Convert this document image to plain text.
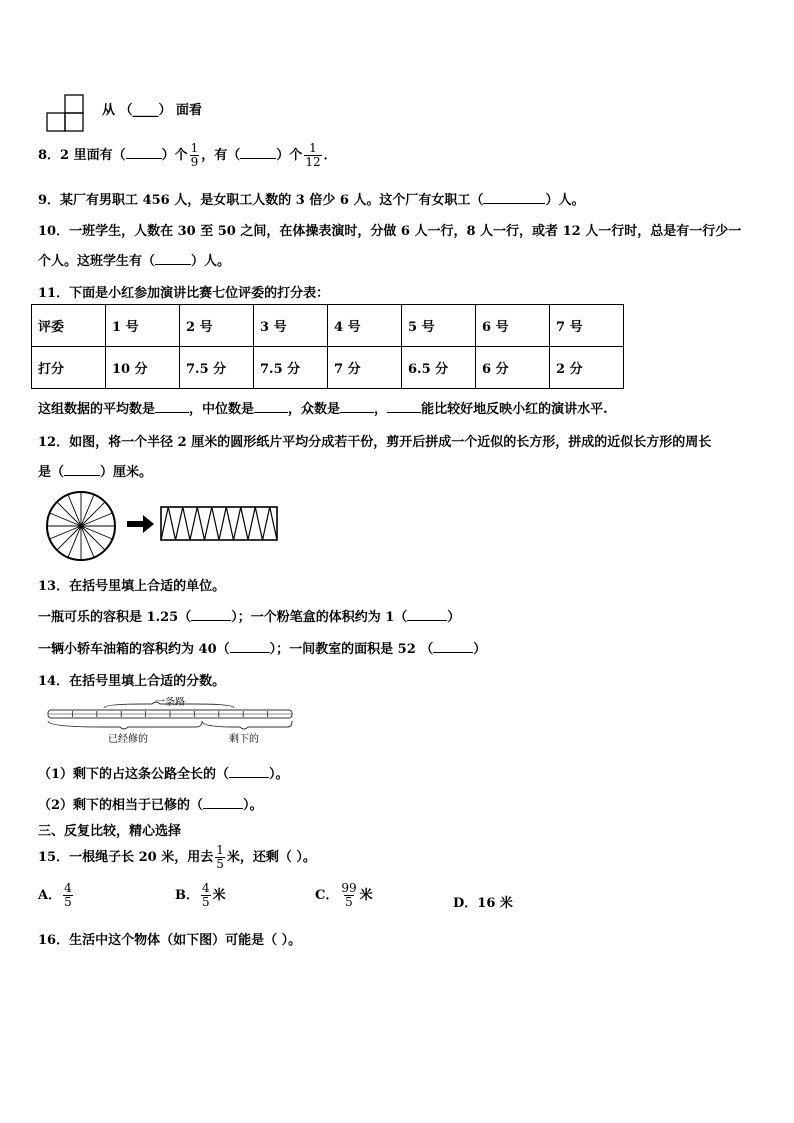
从 （____） 面看
8．2 里面有（	）个 $\frac{1}{9}$ ，有（	）个 $\frac{1}{12}$ ．
9．某厂有男职工 456 人，是女职工人数的 3 倍少 6 人。这个厂有女职工（	）人。
10．一班学生，人数在 30 至 50 之间，在体操表演时，分做 6 人一行，8 人一行，或者 12 人一行时，总是有一行少一
个人。这班学生有（	）人。
11．下面是小红参加演讲比赛七位评委的打分表：
评委	1 号	2 号	3 号	4 号	5 号	6 号	7 号
打分	10 分	7.5 分	7.5 分	7 分	6.5 分	6 分	2 分
这组数据的平均数是	，中位数是	，众数是	，	能比较好地反映小红的演讲水平.
12．如图，将一个半径 2 厘米的圆形纸片平均分成若干份，剪开后拼成一个近似的长方形，拼成的近似长方形的周长
是（	）厘米。
13．在括号里填上合适的单位。
一瓶可乐的容积是 1.25（	）；一个粉笔盒的体积约为 1（	）
一辆小轿车油箱的容积约为 40（	）；一间教室的面积是 52 （	）
14．在括号里填上合适的分数。
一条路
已经修的	剩下的
（1）剩下的占这条公路全长的（	）。
（2）剩下的相当于已修的（	）。
三、反复比较，精心选择
15．一根绳子长 20 米，用去 $\frac{1}{5}$ 米，还剩（ ）。
A． $\frac{4}{5}$	B． $\frac{4}{5}$ 米	C． $\frac{99}{5}$ 米
D．16 米
16．生活中这个物体（如下图）可能是（ ）。
